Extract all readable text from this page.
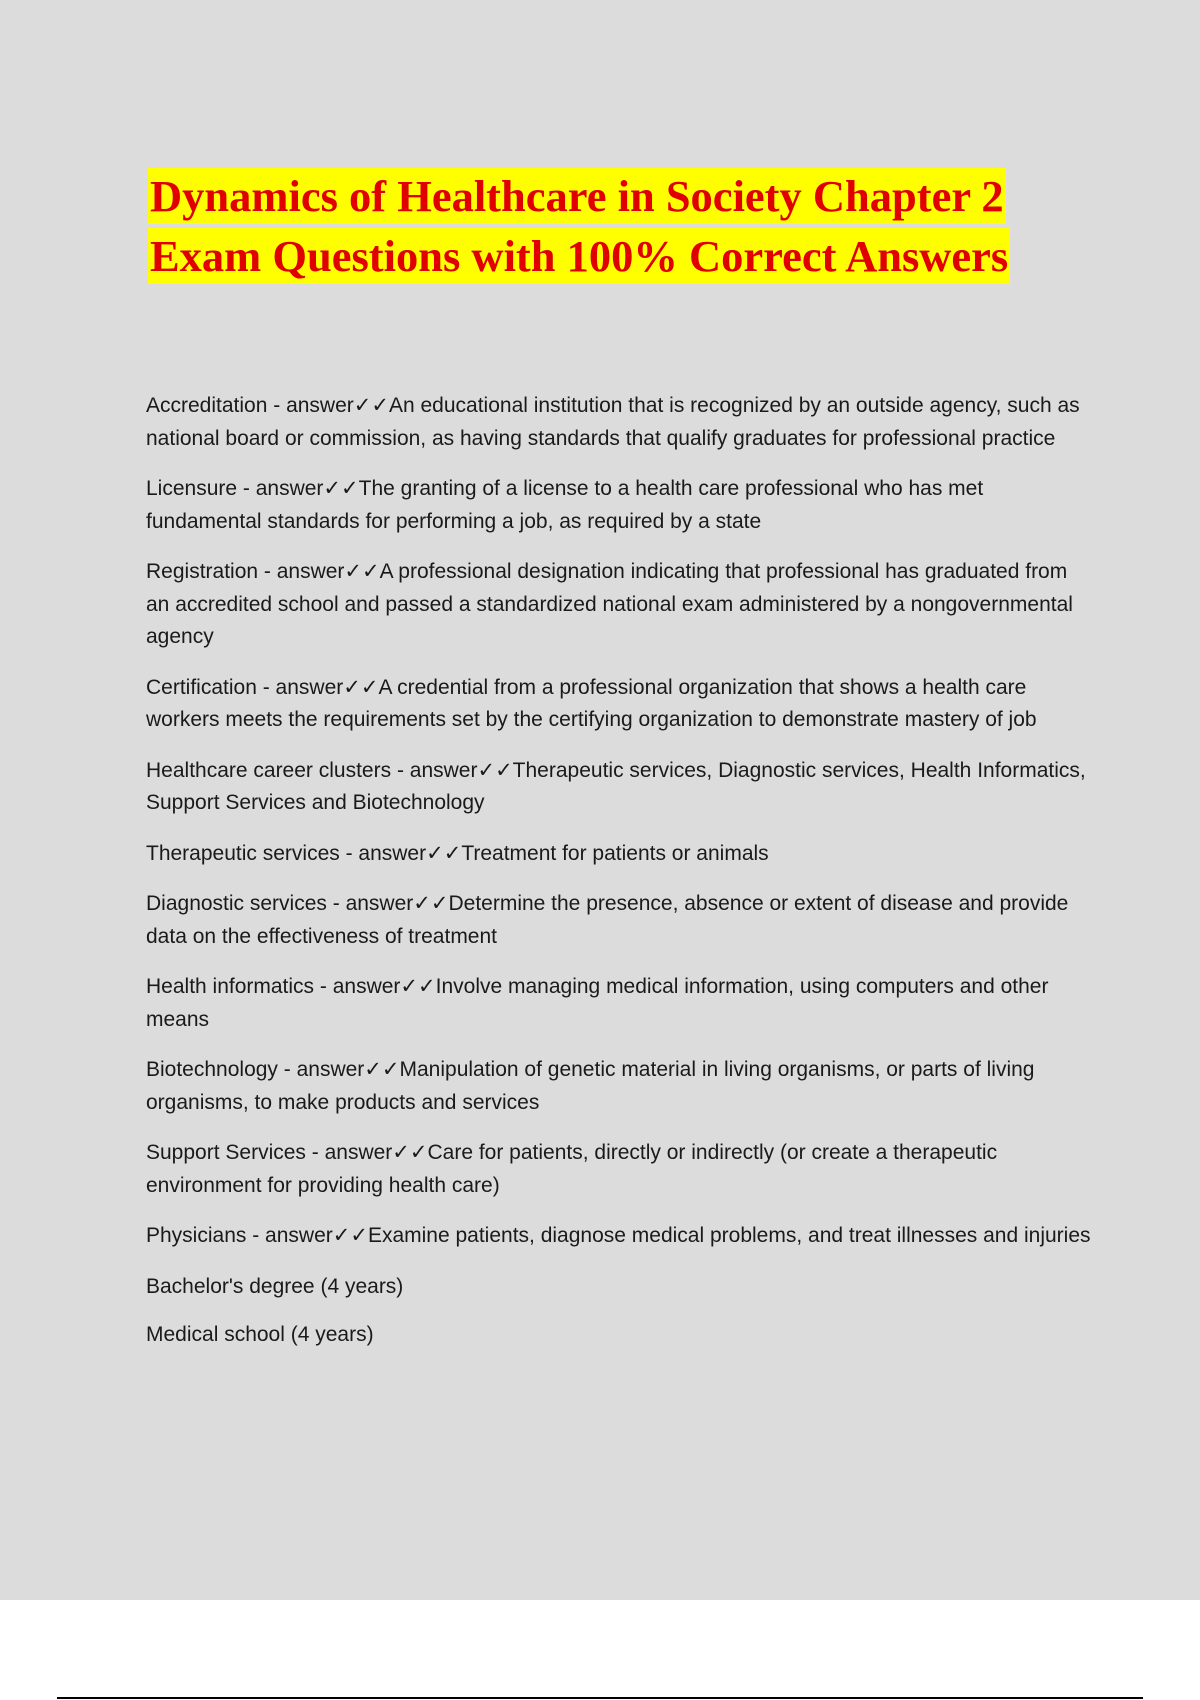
Dynamics of Healthcare in Society Chapter 2
Exam Questions with 100% Correct Answers

Accreditation - answer✓✓An educational institution that is recognized by an outside agency, such as national board or commission, as having standards that qualify graduates for professional practice

Licensure - answer✓✓The granting of a license to a health care professional who has met fundamental standards for performing a job, as required by a state

Registration - answer✓✓A professional designation indicating that professional has graduated from an accredited school and passed a standardized national exam administered by a nongovernmental agency

Certification - answer✓✓A credential from a professional organization that shows a health care workers meets the requirements set by the certifying organization to demonstrate mastery of job

Healthcare career clusters - answer✓✓Therapeutic services, Diagnostic services, Health Informatics, Support Services and Biotechnology

Therapeutic services - answer✓✓Treatment for patients or animals

Diagnostic services - answer✓✓Determine the presence, absence or extent of disease and provide data on the effectiveness of treatment

Health informatics - answer✓✓Involve managing medical information, using computers and other means

Biotechnology - answer✓✓Manipulation of genetic material in living organisms, or parts of living organisms, to make products and services

Support Services - answer✓✓Care for patients, directly or indirectly (or create a therapeutic environment for providing health care)

Physicians - answer✓✓Examine patients, diagnose medical problems, and treat illnesses and injuries

Bachelor's degree (4 years)

Medical school (4 years)
